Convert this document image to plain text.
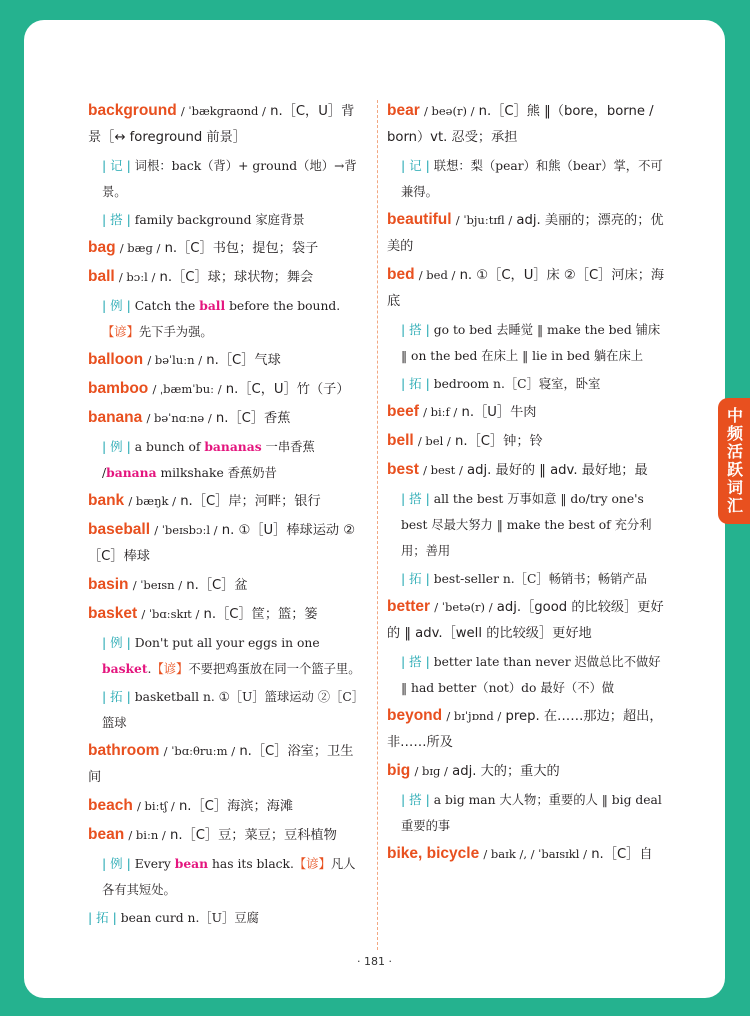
background / ˈbækɡraʊnd / n.［C，U］背景［↔ foreground 前景］
| 记 | 词根：back（背）+ ground（地）→背景。
| 搭 | family background 家庭背景
bag / bæɡ / n.［C］书包；提包；袋子
ball / bɔːl / n.［C］球；球状物；舞会
| 例 | Catch the ball before the bound.【谚】先下手为强。
balloon / bəˈluːn / n.［C］气球
bamboo / ˌbæmˈbuː / n.［C，U］竹（子）
banana / bəˈnɑːnə / n.［C］香蕉
| 例 | a bunch of bananas 一串香蕉 /banana milkshake 香蕉奶昔
bank / bæŋk / n.［C］岸；河畔；银行
baseball / ˈbeɪsbɔːl / n. ①［U］棒球运动 ②［C］棒球
basin / ˈbeɪsn / n.［C］盆
basket / ˈbɑːskɪt / n.［C］筐；篮；篓
| 例 | Don't put all your eggs in one basket.【谚】不要把鸡蛋放在同一个篮子里。
| 拓 | basketball n. ①［U］篮球运动 ②［C］篮球
bathroom / ˈbɑːθruːm / n.［C］浴室；卫生间
beach / biːtʃ / n.［C］海滨；海滩
bean / biːn / n.［C］豆；菜豆；豆科植物
| 例 | Every bean has its black.【谚】凡人各有其短处。
| 拓 | bean curd n.［U］豆腐
bear / beə(r) / n.［C］熊 ‖（bore，borne / born）vt. 忍受；承担
| 记 | 联想：梨（pear）和熊（bear）掌，不可兼得。
beautiful / ˈbjuːtɪfl / adj. 美丽的；漂亮的；优美的
bed / bed / n. ①［C，U］床 ②［C］河床；海底
| 搭 | go to bed 去睡觉 ‖ make the bed 铺床 ‖ on the bed 在床上 ‖ lie in bed 躺在床上
| 拓 | bedroom n.［C］寝室，卧室
beef / biːf / n.［U］牛肉
bell / bel / n.［C］钟；铃
best / best / adj. 最好的 ‖ adv. 最好地；最
| 搭 | all the best 万事如意 ‖ do/try one's best 尽最大努力 ‖ make the best of 充分利用；善用
| 拓 | best-seller n.［C］畅销书；畅销产品
better / ˈbetə(r) / adj.［good 的比较级］更好的 ‖ adv.［well 的比较级］更好地
| 搭 | better late than never 迟做总比不做好 ‖ had better（not）do 最好（不）做
beyond / bɪˈjɒnd / prep. 在……那边；超出，非……所及
big / bɪɡ / adj. 大的；重大的
| 搭 | a big man 大人物；重要的人 ‖ big deal 重要的事
bike, bicycle / baɪk /, / ˈbaɪsɪkl / n.［C］自
· 181 ·
中频活跃词汇
